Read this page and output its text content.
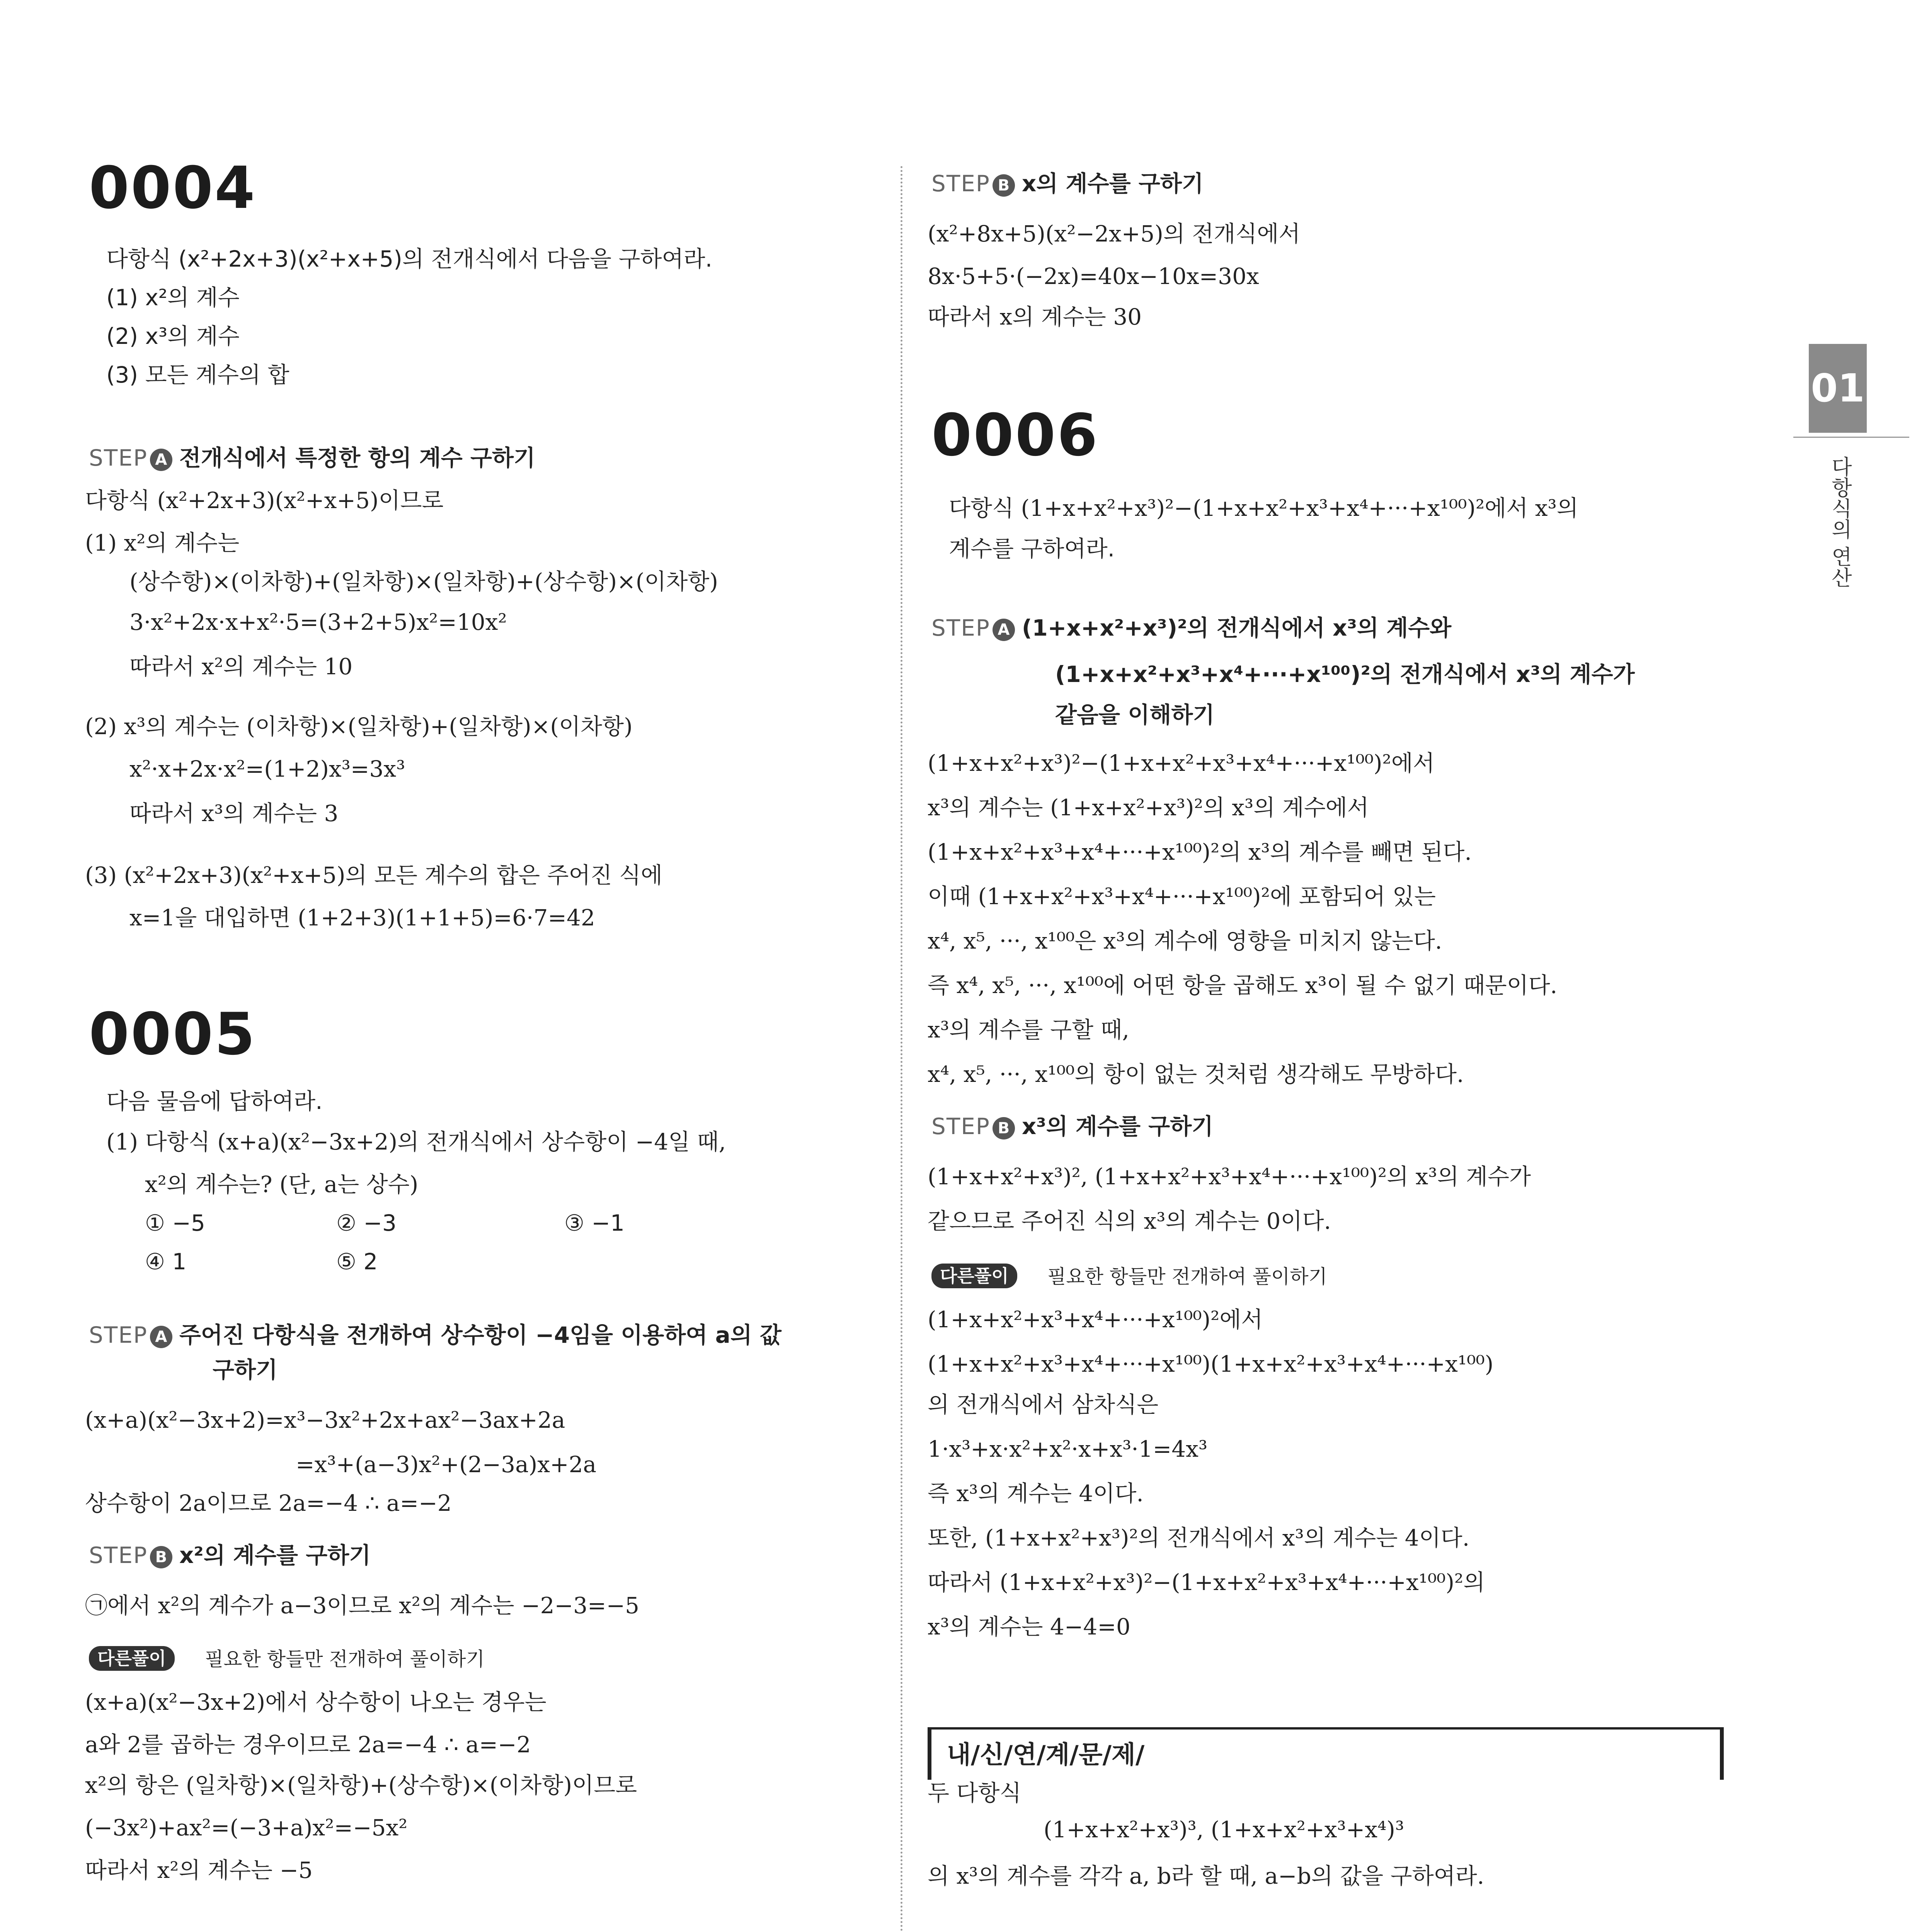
0004
다항식 (x²+2x+3)(x²+x+5)의 전개식에서 다음을 구하여라.
(1) x²의 계수
(2) x³의 계수
(3) 모든 계수의 합
STEP A 전개식에서 특정한 항의 계수 구하기
다항식 (x²+2x+3)(x²+x+5)이므로
(1) x²의 계수는
(상수항)×(이차항)+(일차항)×(일차항)+(상수항)×(이차항)
3·x²+2x·x+x²·5=(3+2+5)x²=10x²
따라서 x²의 계수는 10
(2) x³의 계수는 (이차항)×(일차항)+(일차항)×(이차항)
x²·x+2x·x²=(1+2)x³=3x³
따라서 x³의 계수는 3
(3) (x²+2x+3)(x²+x+5)의 모든 계수의 합은 주어진 식에
x=1을 대입하면 (1+2+3)(1+1+5)=6·7=42
0005
다음 물음에 답하여라.
(1) 다항식 (x+a)(x²−3x+2)의 전개식에서 상수항이 −4일 때,
x²의 계수는? (단, a는 상수)
① −5	② −3	③ −1
④ 1	⑤ 2
STEP A 주어진 다항식을 전개하여 상수항이 −4임을 이용하여 a의 값
구하기
(x+a)(x²−3x+2)=x³−3x²+2x+ax²−3ax+2a
=x³+(a−3)x²+(2−3a)x+2a
상수항이 2a이므로 2a=−4 ∴ a=−2
STEP B x²의 계수를 구하기
㉠에서 x²의 계수가 a−3이므로 x²의 계수는 −2−3=−5
다른풀이	필요한 항들만 전개하여 풀이하기
(x+a)(x²−3x+2)에서 상수항이 나오는 경우는
a와 2를 곱하는 경우이므로 2a=−4 ∴ a=−2
x²의 항은 (일차항)×(일차항)+(상수항)×(이차항)이므로
(−3x²)+ax²=(−3+a)x²=−5x²
따라서 x²의 계수는 −5
STEP B x의 계수를 구하기
(x²+8x+5)(x²−2x+5)의 전개식에서
8x·5+5·(−2x)=40x−10x=30x
따라서 x의 계수는 30
0006
다항식 (1+x+x²+x³)²−(1+x+x²+x³+x⁴+···+x¹⁰⁰)²에서 x³의
계수를 구하여라.
STEP A (1+x+x²+x³)²의 전개식에서 x³의 계수와
(1+x+x²+x³+x⁴+···+x¹⁰⁰)²의 전개식에서 x³의 계수가
같음을 이해하기
(1+x+x²+x³)²−(1+x+x²+x³+x⁴+···+x¹⁰⁰)²에서
x³의 계수는 (1+x+x²+x³)²의 x³의 계수에서
(1+x+x²+x³+x⁴+···+x¹⁰⁰)²의 x³의 계수를 빼면 된다.
이때 (1+x+x²+x³+x⁴+···+x¹⁰⁰)²에 포함되어 있는
x⁴, x⁵, ···, x¹⁰⁰은 x³의 계수에 영향을 미치지 않는다.
즉 x⁴, x⁵, ···, x¹⁰⁰에 어떤 항을 곱해도 x³이 될 수 없기 때문이다.
x³의 계수를 구할 때,
x⁴, x⁵, ···, x¹⁰⁰의 항이 없는 것처럼 생각해도 무방하다.
STEP B x³의 계수를 구하기
(1+x+x²+x³)², (1+x+x²+x³+x⁴+···+x¹⁰⁰)²의 x³의 계수가
같으므로 주어진 식의 x³의 계수는 0이다.
다른풀이	필요한 항들만 전개하여 풀이하기
(1+x+x²+x³+x⁴+···+x¹⁰⁰)²에서
(1+x+x²+x³+x⁴+···+x¹⁰⁰)(1+x+x²+x³+x⁴+···+x¹⁰⁰)
의 전개식에서 삼차식은
1·x³+x·x²+x²·x+x³·1=4x³
즉 x³의 계수는 4이다.
또한, (1+x+x²+x³)²의 전개식에서 x³의 계수는 4이다.
따라서 (1+x+x²+x³)²−(1+x+x²+x³+x⁴+···+x¹⁰⁰)²의
x³의 계수는 4−4=0
내/신/연/계/문/제/
두 다항식
(1+x+x²+x³)³, (1+x+x²+x³+x⁴)³
의 x³의 계수를 각각 a, b라 할 때, a−b의 값을 구하여라.
01
다항식의 연산
